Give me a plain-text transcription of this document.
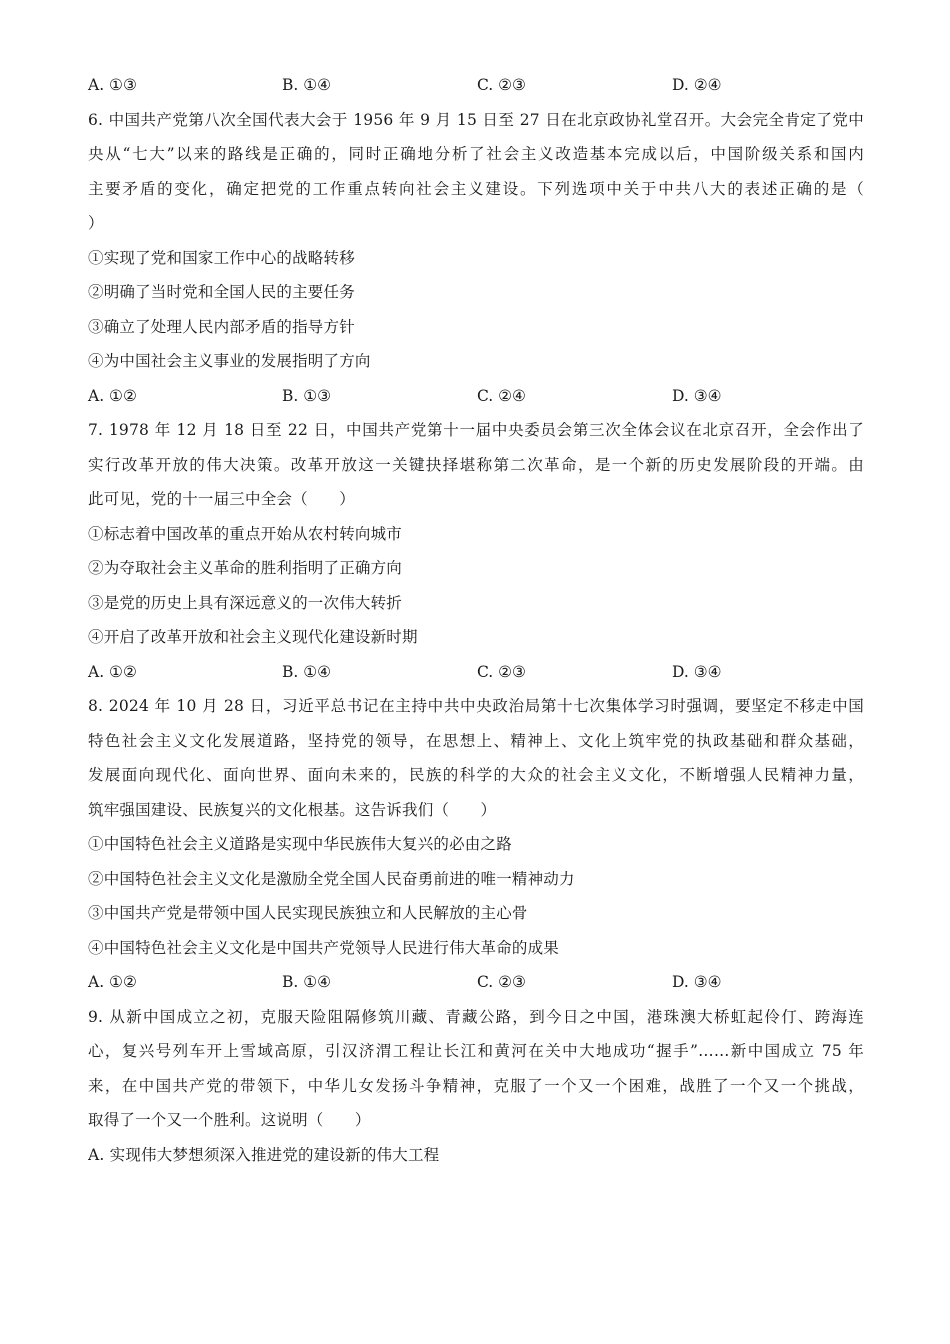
A. ①③	B. ①④	C. ②③	D. ②④
6. 中国共产党第八次全国代表大会于 1956 年 9 月 15 日至 27 日在北京政协礼堂召开。大会完全肯定了党中
央从“七大”以来的路线是正确的，同时正确地分析了社会主义改造基本完成以后，中国阶级关系和国内
主要矛盾的变化，确定把党的工作重点转向社会主义建设。下列选项中关于中共八大的表述正确的是（
）
①实现了党和国家工作中心的战略转移
②明确了当时党和全国人民的主要任务
③确立了处理人民内部矛盾的指导方针
④为中国社会主义事业的发展指明了方向
A. ①②	B. ①③	C. ②④	D. ③④
7. 1978 年 12 月 18 日至 22 日，中国共产党第十一届中央委员会第三次全体会议在北京召开，全会作出了
实行改革开放的伟大决策。改革开放这一关键抉择堪称第二次革命，是一个新的历史发展阶段的开端。由
此可见，党的十一届三中全会（　　）
①标志着中国改革的重点开始从农村转向城市
②为夺取社会主义革命的胜利指明了正确方向
③是党的历史上具有深远意义的一次伟大转折
④开启了改革开放和社会主义现代化建设新时期
A. ①②	B. ①④	C. ②③	D. ③④
8. 2024 年 10 月 28 日，习近平总书记在主持中共中央政治局第十七次集体学习时强调，要坚定不移走中国
特色社会主义文化发展道路，坚持党的领导，在思想上、精神上、文化上筑牢党的执政基础和群众基础，
发展面向现代化、面向世界、面向未来的，民族的科学的大众的社会主义文化，不断增强人民精神力量，
筑牢强国建设、民族复兴的文化根基。这告诉我们（　　）
①中国特色社会主义道路是实现中华民族伟大复兴的必由之路
②中国特色社会主义文化是激励全党全国人民奋勇前进的唯一精神动力
③中国共产党是带领中国人民实现民族独立和人民解放的主心骨
④中国特色社会主义文化是中国共产党领导人民进行伟大革命的成果
A. ①②	B. ①④	C. ②③	D. ③④
9. 从新中国成立之初，克服天险阻隔修筑川藏、青藏公路，到今日之中国，港珠澳大桥虹起伶仃、跨海连
心，复兴号列车开上雪域高原，引汉济渭工程让长江和黄河在关中大地成功“握手”……新中国成立 75 年
来，在中国共产党的带领下，中华儿女发扬斗争精神，克服了一个又一个困难，战胜了一个又一个挑战，
取得了一个又一个胜利。这说明（　　）
A. 实现伟大梦想须深入推进党的建设新的伟大工程
